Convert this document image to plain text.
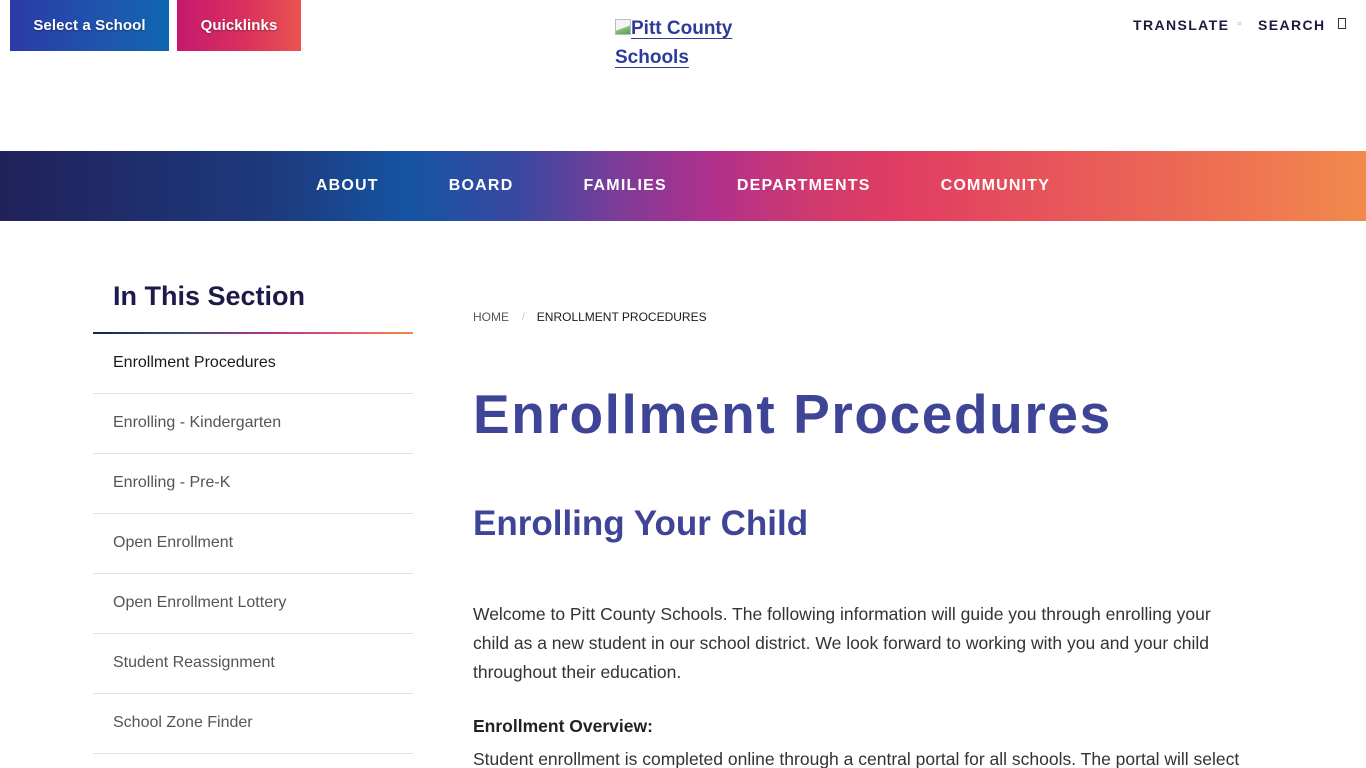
Select a School	Quicklinks	Pitt County
Schools
TRANSLATE ⌗ SEARCH
ABOUT	BOARD	FAMILIES	DEPARTMENTS	COMMUNITY
In This Section
Enrollment Procedures
Enrolling - Kindergarten
Enrolling - Pre-K
Open Enrollment
Open Enrollment Lottery
Student Reassignment
School Zone Finder
HOME / ENROLLMENT PROCEDURES
Enrollment Procedures
Enrolling Your Child
Welcome to Pitt County Schools. The following information will guide you through enrolling your
child as a new student in our school district. We look forward to working with you and your child
throughout their education.
Enrollment Overview:
Student enrollment is completed online through a central portal for all schools. The portal will select
